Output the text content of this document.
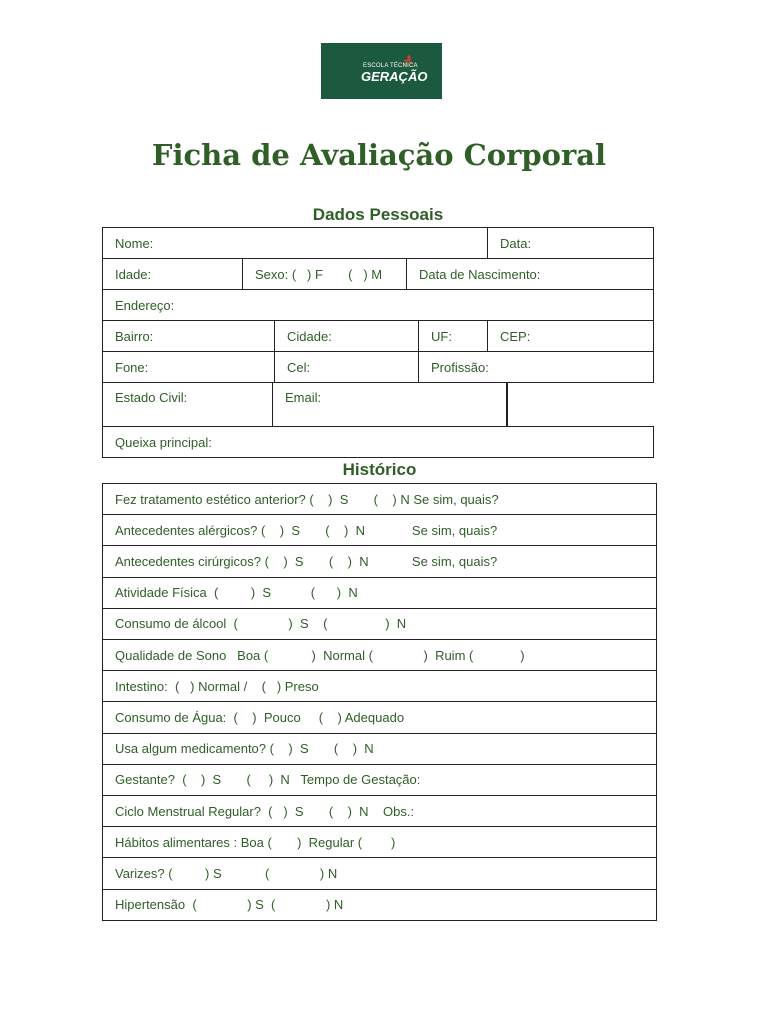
ESCOLA TÉCNICA
GERAÇÃO
Ficha de Avaliação Corporal
Dados Pessoais
Nome:	Data:
Idade:	Sexo: (   ) F       (   ) M	Data de Nascimento:
Endereço:
Bairro:	Cidade:	UF:	CEP:
Fone:	Cel:	Profissão:
Estado Civil:	Email:
Queixa principal:
Histórico
Fez tratamento estético anterior? (    )  S       (    ) N Se sim, quais?
Antecedentes alérgicos? (    )  S       (    )  N             Se sim, quais?
Antecedentes cirúrgicos? (    )  S       (    )  N            Se sim, quais?
Atividade Física  (         )  S           (      )  N
Consumo de álcool  (              )  S    (                )  N
Qualidade de Sono   Boa (            )  Normal (              )  Ruim (             )
Intestino:  (   ) Normal /    (   ) Preso
Consumo de Água:  (    )  Pouco     (    ) Adequado
Usa algum medicamento? (    )  S       (    )  N
Gestante?  (    )  S       (     )  N   Tempo de Gestação:
Ciclo Menstrual Regular?  (   )  S       (    )  N    Obs.:
Hábitos alimentares : Boa (       )  Regular (        )
Varizes? (         ) S            (              ) N
Hipertensão  (              ) S  (              ) N
